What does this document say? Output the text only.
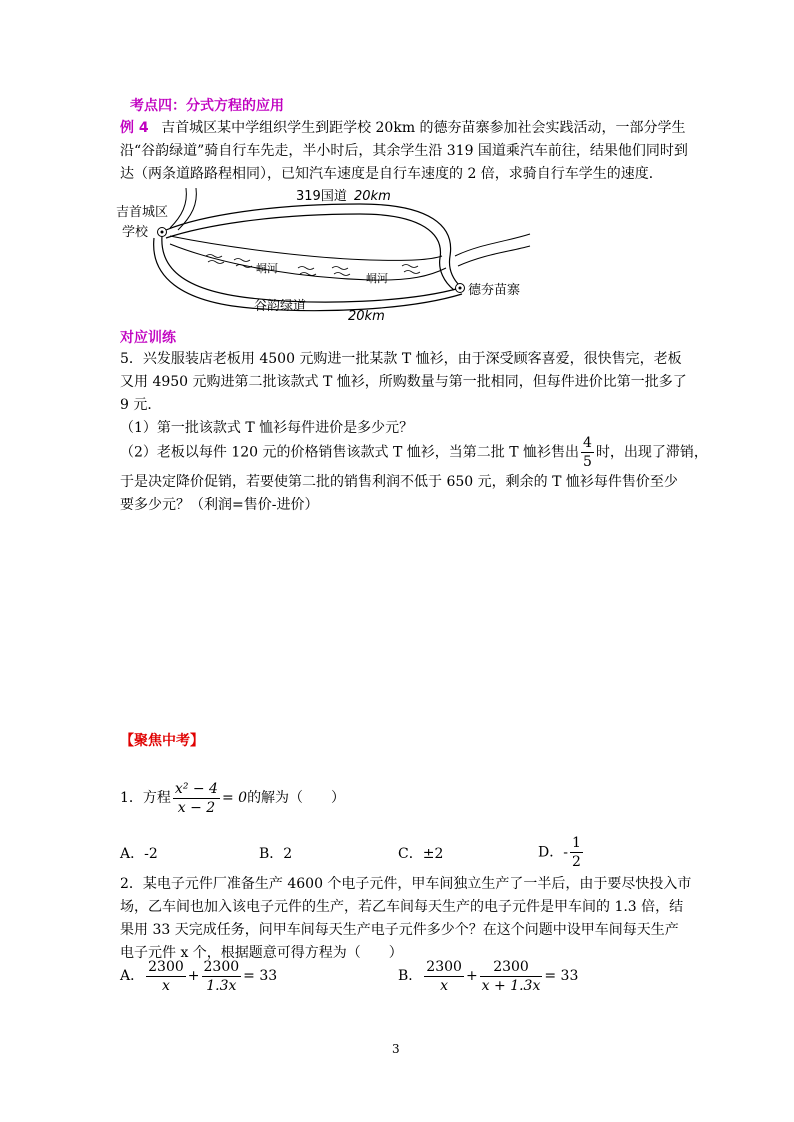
考点四：分式方程的应用
例 4 吉首城区某中学组织学生到距学校 20km 的德夯苗寨参加社会实践活动，一部分学生
沿“谷韵绿道”骑自行车先走，半小时后，其余学生沿 319 国道乘汽车前往，结果他们同时到
达（两条道路路程相同），已知汽车速度是自行车速度的 2 倍，求骑自行车学生的速度．
吉首城区
学校
319国道 20km
峒河
峒河
谷韵绿道
20km
德夯苗寨
对应训练
5．兴发服装店老板用 4500 元购进一批某款 T 恤衫，由于深受顾客喜爱，很快售完，老板
又用 4950 元购进第二批该款式 T 恤衫，所购数量与第一批相同，但每件进价比第一批多了
9 元．
（1）第一批该款式 T 恤衫每件进价是多少元？
（2）老板以每件 120 元的价格销售该款式 T 恤衫，当第二批 T 恤衫售出 $\frac{4}{5}$ 时，出现了滞销，
于是决定降价促销，若要使第二批的销售利润不低于 650 元，剩余的 T 恤衫每件售价至少
要多少元？（利润=售价-进价）
【聚焦中考】
1．方程 $\frac{\text{x² − 4}}{x - 2} = 0$的解为（　　）
A．-2	B．2	C．±2	D．- $\frac{1}{2}$
2．某电子元件厂准备生产 4600 个电子元件，甲车间独立生产了一半后，由于要尽快投入市
场，乙车间也加入该电子元件的生产，若乙车间每天生产的电子元件是甲车间的 1.3 倍，结
果用 33 天完成任务，问甲车间每天生产电子元件多少个？在这个问题中设甲车间每天生产
电子元件 x 个，根据题意可得方程为（　　）
A． $\frac{2300}{x} + \frac{2300}{1.3x} = 33$	B． $\frac{2300}{x} + \frac{2300}{x + 1.3x} = 33$
3
